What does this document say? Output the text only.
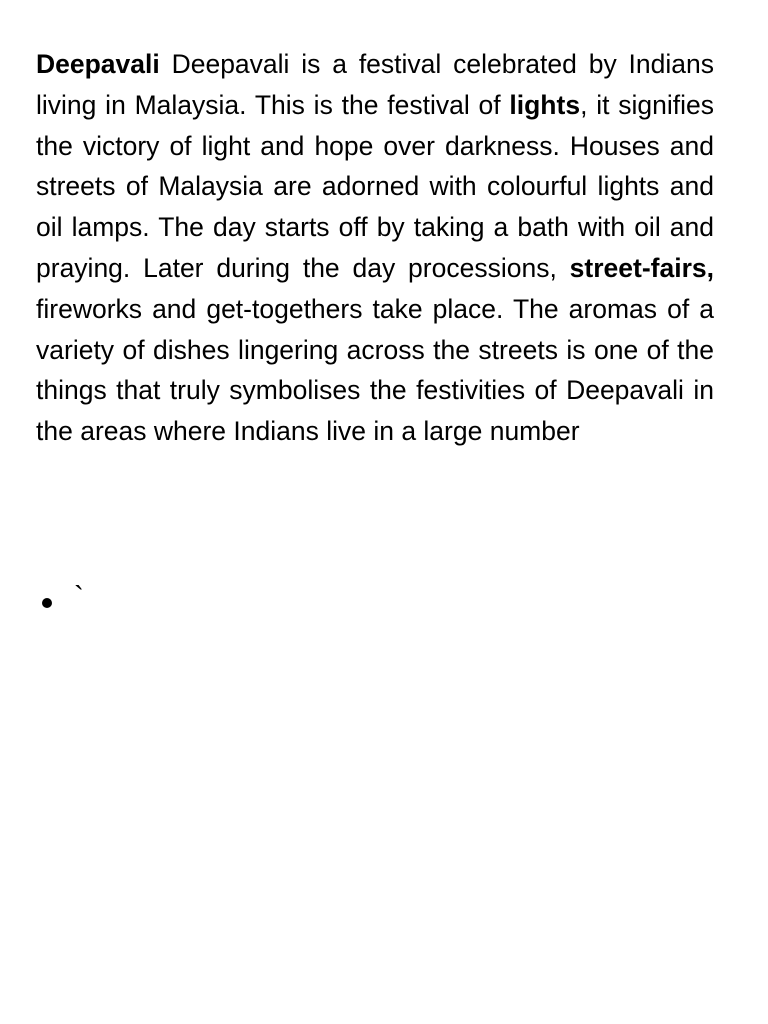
Deepavali Deepavali is a festival celebrated by Indians living in Malaysia. This is the festival of lights, it signifies the victory of light and hope over darkness. Houses and streets of Malaysia are adorned with colourful lights and oil lamps. The day starts off by taking a bath with oil and praying. Later during the day processions, street-fairs, fireworks and get-togethers take place. The aromas of a variety of dishes lingering across the streets is one of the things that truly symbolises the festivities of Deepavali in the areas where Indians live in a large number

`
